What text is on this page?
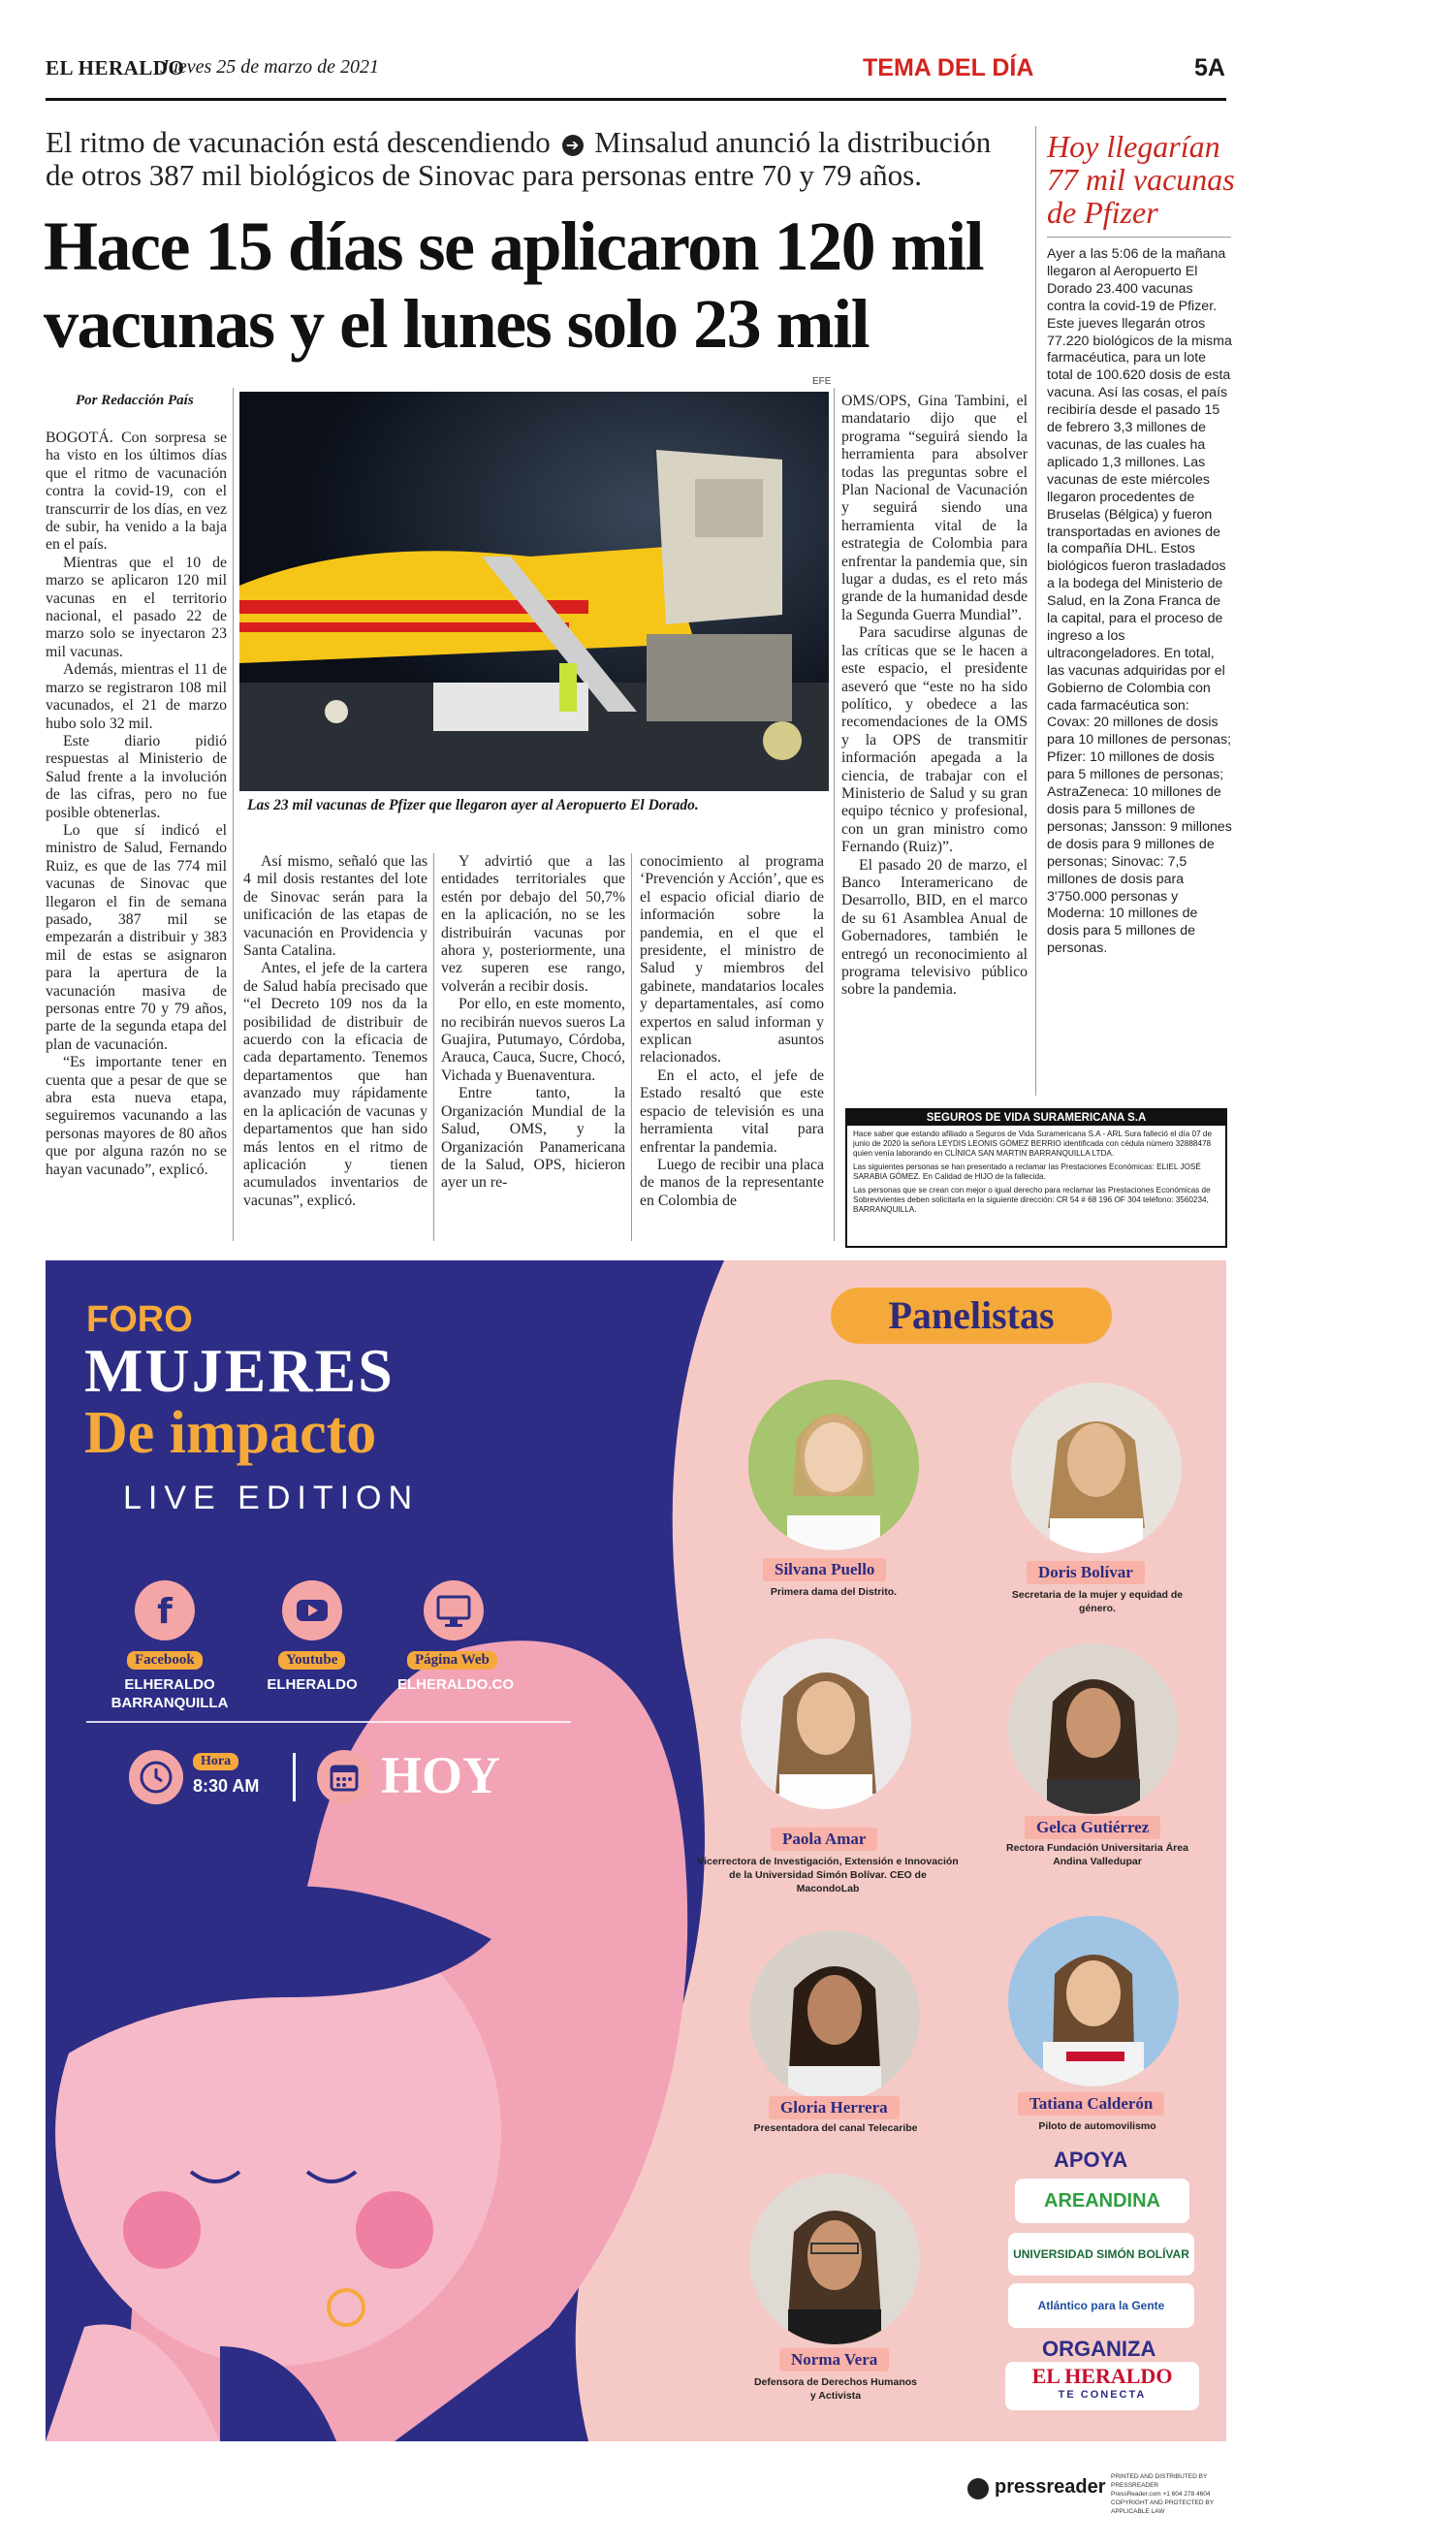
EL HERALDO
Jueves 25 de marzo de 2021	TEMA DEL DÍA	5A
El ritmo de vacunación está descendiendo ➔ Minsalud anunció la distribución de otros 387 mil biológicos de Sinovac para personas entre 70 y 79 años.
Hace 15 días se aplicaron 120 mil vacunas y el lunes solo 23 mil
Por Redacción País
EFE
Las 23 mil vacunas de Pfizer que llegaron ayer al Aeropuerto El Dorado.

BOGOTÁ. Con sorpresa se ha visto en los últimos días que el ritmo de vacunación contra la covid-19, con el transcurrir de los días, en vez de subir, ha venido a la baja en el país.

Mientras que el 10 de marzo se aplicaron 120 mil vacunas en el territorio nacional, el pasado 22 de marzo solo se inyectaron 23 mil vacunas.

Además, mientras el 11 de marzo se registraron 108 mil vacunados, el 21 de marzo hubo solo 32 mil.

Este diario pidió respuestas al Ministerio de Salud frente a la involución de las cifras, pero no fue posible obtenerlas.

Lo que sí indicó el ministro de Salud, Fernando Ruiz, es que de las 774 mil vacunas de Sinovac que llegaron el fin de semana pasado, 387 mil se empezarán a distribuir y 383 mil de estas se asignaron para la apertura de la vacunación masiva de personas entre 70 y 79 años, parte de la segunda etapa del plan de vacunación.

“Es importante tener en cuenta que a pesar de que se abra esta nueva etapa, seguiremos vacunando a las personas mayores de 80 años que por alguna razón no se hayan vacunado”, explicó.

Así mismo, señaló que las 4 mil dosis restantes del lote de Sinovac serán para la unificación de las etapas de vacunación en Providencia y Santa Catalina.

Antes, el jefe de la cartera de Salud había precisado que “el Decreto 109 nos da la posibilidad de distribuir de acuerdo con la eficacia de cada departamento. Tenemos departamentos que han avanzado muy rápidamente en la aplicación de vacunas y departamentos que han sido más lentos en el ritmo de aplicación y tienen acumulados inventarios de vacunas”, explicó.

Y advirtió que a las entidades territoriales que estén por debajo del 50,7% en la aplicación, no se les distribuirán vacunas por ahora y, posteriormente, una vez superen ese rango, volverán a recibir dosis.

Por ello, en este momento, no recibirán nuevos sueros La Guajira, Putumayo, Córdoba, Arauca, Cauca, Sucre, Chocó, Vichada y Buenaventura.

Entre tanto, la Organización Mundial de la Salud, OMS, y la Organización Panamericana de la Salud, OPS, hicieron ayer un re-

conocimiento al programa ‘Prevención y Acción’, que es el espacio oficial diario de información sobre la pandemia, en el que el presidente, el ministro de Salud y miembros del gabinete, mandatarios locales y departamentales, así como expertos en salud informan y explican asuntos relacionados.

En el acto, el jefe de Estado resaltó que este espacio de televisión es una herramienta vital para enfrentar la pandemia.

Luego de recibir una placa de manos de la representante en Colombia de

OMS/OPS, Gina Tambini, el mandatario dijo que el programa “seguirá siendo la herramienta para absolver todas las preguntas sobre el Plan Nacional de Vacunación y seguirá siendo una herramienta vital de la estrategia de Colombia para enfrentar la pandemia que, sin lugar a dudas, es el reto más grande de la humanidad desde la Segunda Guerra Mundial”.

Para sacudirse algunas de las críticas que se le hacen a este espacio, el presidente aseveró que “este no ha sido político, y obedece a las recomendaciones de la OMS y la OPS de transmitir información apegada a la ciencia, de trabajar con el Ministerio de Salud y su gran equipo técnico y profesional, con un gran ministro como Fernando (Ruiz)”.

El pasado 20 de marzo, el Banco Interamericano de Desarrollo, BID, en el marco de su 61 Asamblea Anual de Gobernadores, también le entregó un reconocimiento al programa televisivo público sobre la pandemia.

Hoy llegarían 77 mil vacunas de Pfizer
Ayer a las 5:06 de la mañana llegaron al Aeropuerto El Dorado 23.400 vacunas contra la covid-19 de Pfizer. Este jueves llegarán otros 77.220 biológicos de la misma farmacéutica, para un lote total de 100.620 dosis de esta vacuna. Así las cosas, el país recibiría desde el pasado 15 de febrero 3,3 millones de vacunas, de las cuales ha aplicado 1,3 millones. Las vacunas de este miércoles llegaron procedentes de Bruselas (Bélgica) y fueron transportadas en aviones de la compañía DHL. Estos biológicos fueron trasladados a la bodega del Ministerio de Salud, en la Zona Franca de la capital, para el proceso de ingreso a los ultracongeladores. En total, las vacunas adquiridas por el Gobierno de Colombia con cada farmacéutica son: Covax: 20 millones de dosis para 10 millones de personas; Pfizer: 10 millones de dosis para 5 millones de personas; AstraZeneca: 10 millones de dosis para 5 millones de personas; Jansson: 9 millones de dosis para 9 millones de personas; Sinovac: 7,5 millones de dosis para 3'750.000 personas y Moderna: 10 millones de dosis para 5 millones de personas.
SEGUROS DE VIDA SURAMERICANA S.A

Hace saber que estando afiliado a Seguros de Vida Suramericana S.A - ARL Sura falleció el día 07 de junio de 2020 la señora LEYDIS LEONIS GÓMEZ BERRIO identificada con cédula número 32888478 quien venía laborando en CLÍNICA SAN MARTIN BARRANQUILLA LTDA.

Las siguientes personas se han presentado a reclamar las Prestaciones Económicas: ELIEL JOSÉ SARABIA GÓMEZ. En Calidad de HIJO de la fallecida.

Las personas que se crean con mejor o igual derecho para reclamar las Prestaciones Económicas de Sobrevivientes deben solicitarla en la siguiente dirección: CR 54 # 68 196 OF 304 teléfono: 3560234, BARRANQUILLA.

FORO
MUJERES
De impacto
LIVE EDITION
f
Facebook
ELHERALDO
BARRANQUILLA
Youtube
ELHERALDO
Página Web
ELHERALDO.CO
Hora
8:30 AM HOY
Panelistas
Silvana Puello
Primera dama del Distrito.
Doris Bolívar
Secretaria de la mujer y equidad de género.
Paola Amar
Vicerrectora de Investigación, Extensión e Innovación de la Universidad Simón Bolívar. CEO de MacondoLab
Gelca Gutiérrez
Rectora Fundación Universitaria Área Andina Valledupar
Gloria Herrera
Presentadora del canal Telecaribe
Tatiana Calderón
Piloto de automovilismo
Norma Vera
Defensora de Derechos Humanos y Activista
APOYA
AREANDINA
UNIVERSIDAD SIMÓN BOLÍVAR
Atlántico para la Gente
ORGANIZA
EL HERALDO
TE CONECTA
pressreader PRINTED AND DISTRIBUTED BY PRESSREADER
PressReader.com +1 604 278 4604
COPYRIGHT AND PROTECTED BY APPLICABLE LAW
